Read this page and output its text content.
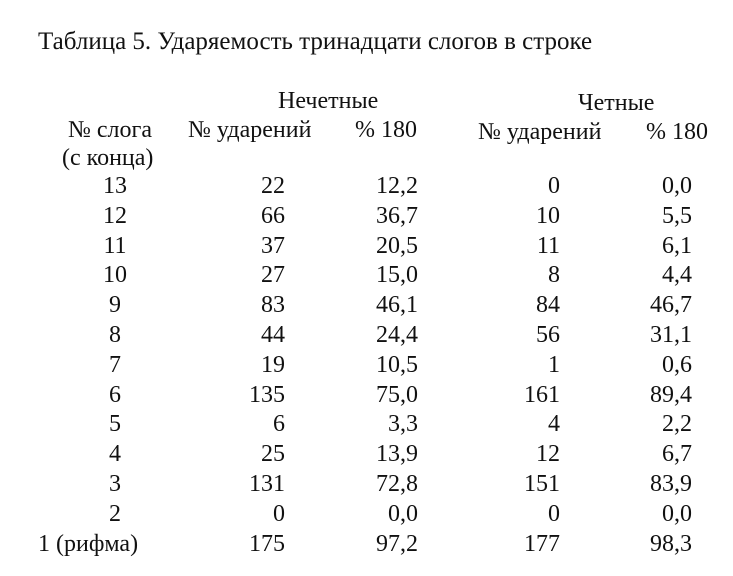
Таблица 5. Ударяемость тринадцати слогов в строке
Нечетные	Четные
№ слога
(с конца)
№ ударений % 180	№ ударений % 180
13	22	12,2	0	0,0
12	66	36,7	10	5,5
11	37	20,5	11	6,1
10	27	15,0	8	4,4
9	83	46,1	84	46,7
8	44	24,4	56	31,1
7	19	10,5	1	0,6
6	135	75,0	161	89,4
5	6	3,3	4	2,2
4	25	13,9	12	6,7
3	131	72,8	151	83,9
2	0	0,0	0	0,0
1 (рифма)	175	97,2	177	98,3
